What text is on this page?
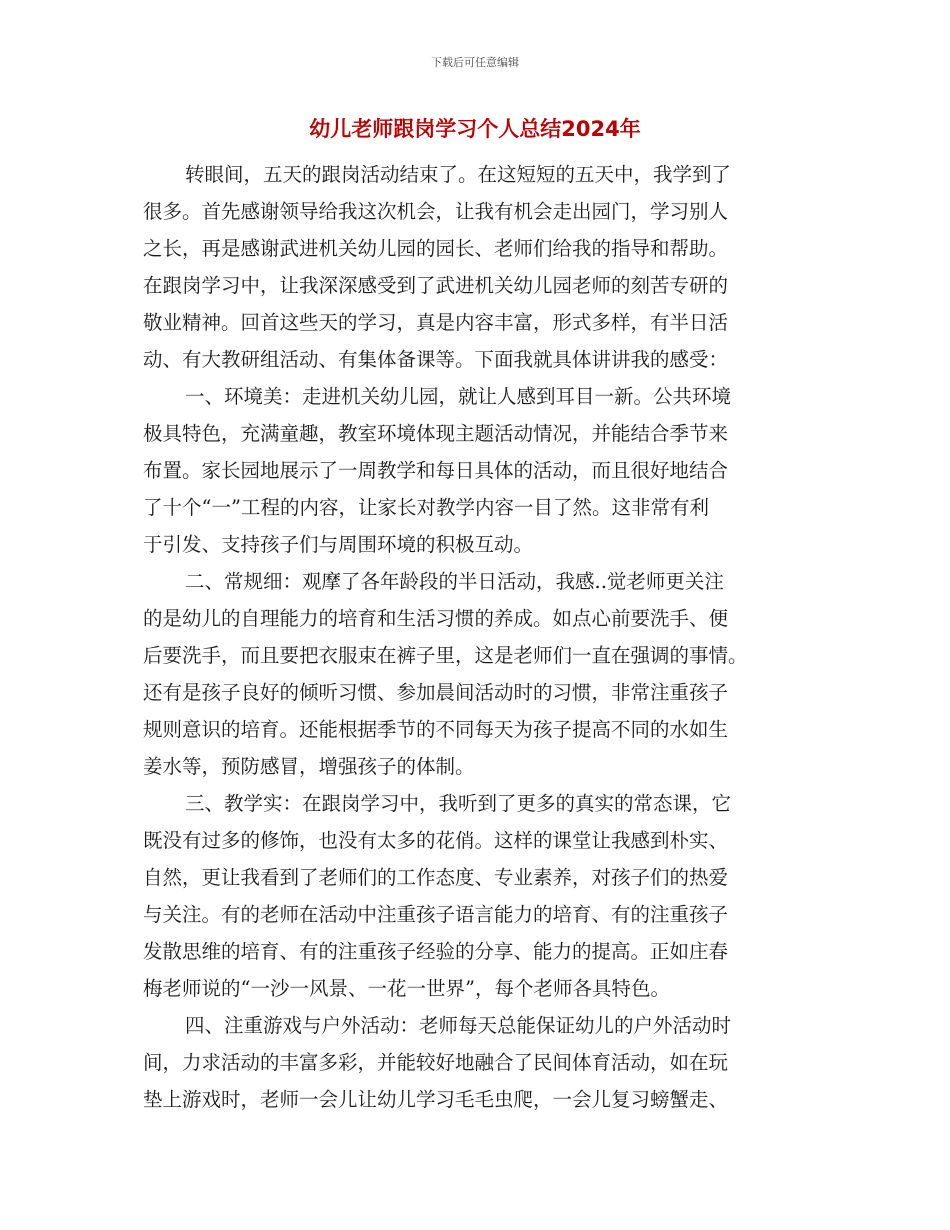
下载后可任意编辑
幼儿老师跟岗学习个人总结2024年
转眼间，五天的跟岗活动结束了。在这短短的五天中，我学到了
很多。首先感谢领导给我这次机会，让我有机会走出园门，学习别人
之长，再是感谢武进机关幼儿园的园长、老师们给我的指导和帮助。
在跟岗学习中，让我深深感受到了武进机关幼儿园老师的刻苦专研的
敬业精神。回首这些天的学习，真是内容丰富，形式多样，有半日活
动、有大教研组活动、有集体备课等。下面我就具体讲讲我的感受：
一、环境美：走进机关幼儿园，就让人感到耳目一新。公共环境
极具特色，充满童趣，教室环境体现主题活动情况，并能结合季节来
布置。家长园地展示了一周教学和每日具体的活动，而且很好地结合
了十个“一”工程的内容，让家长对教学内容一目了然。这非常有利
于引发、支持孩子们与周围环境的积极互动。
二、常规细：观摩了各年龄段的半日活动，我感..觉老师更关注
的是幼儿的自理能力的培育和生活习惯的养成。如点心前要洗手、便
后要洗手，而且要把衣服束在裤子里，这是老师们一直在强调的事情。
还有是孩子良好的倾听习惯、参加晨间活动时的习惯，非常注重孩子
规则意识的培育。还能根据季节的不同每天为孩子提高不同的水如生
姜水等，预防感冒，增强孩子的体制。
三、教学实：在跟岗学习中，我听到了更多的真实的常态课，它
既没有过多的修饰，也没有太多的花俏。这样的课堂让我感到朴实、
自然，更让我看到了老师们的工作态度、专业素养，对孩子们的热爱
与关注。有的老师在活动中注重孩子语言能力的培育、有的注重孩子
发散思维的培育、有的注重孩子经验的分享、能力的提高。正如庄春
梅老师说的“一沙一风景、一花一世界”，每个老师各具特色。
四、注重游戏与户外活动：老师每天总能保证幼儿的户外活动时
间，力求活动的丰富多彩，并能较好地融合了民间体育活动，如在玩
垫上游戏时，老师一会儿让幼儿学习毛毛虫爬，一会儿复习螃蟹走、
